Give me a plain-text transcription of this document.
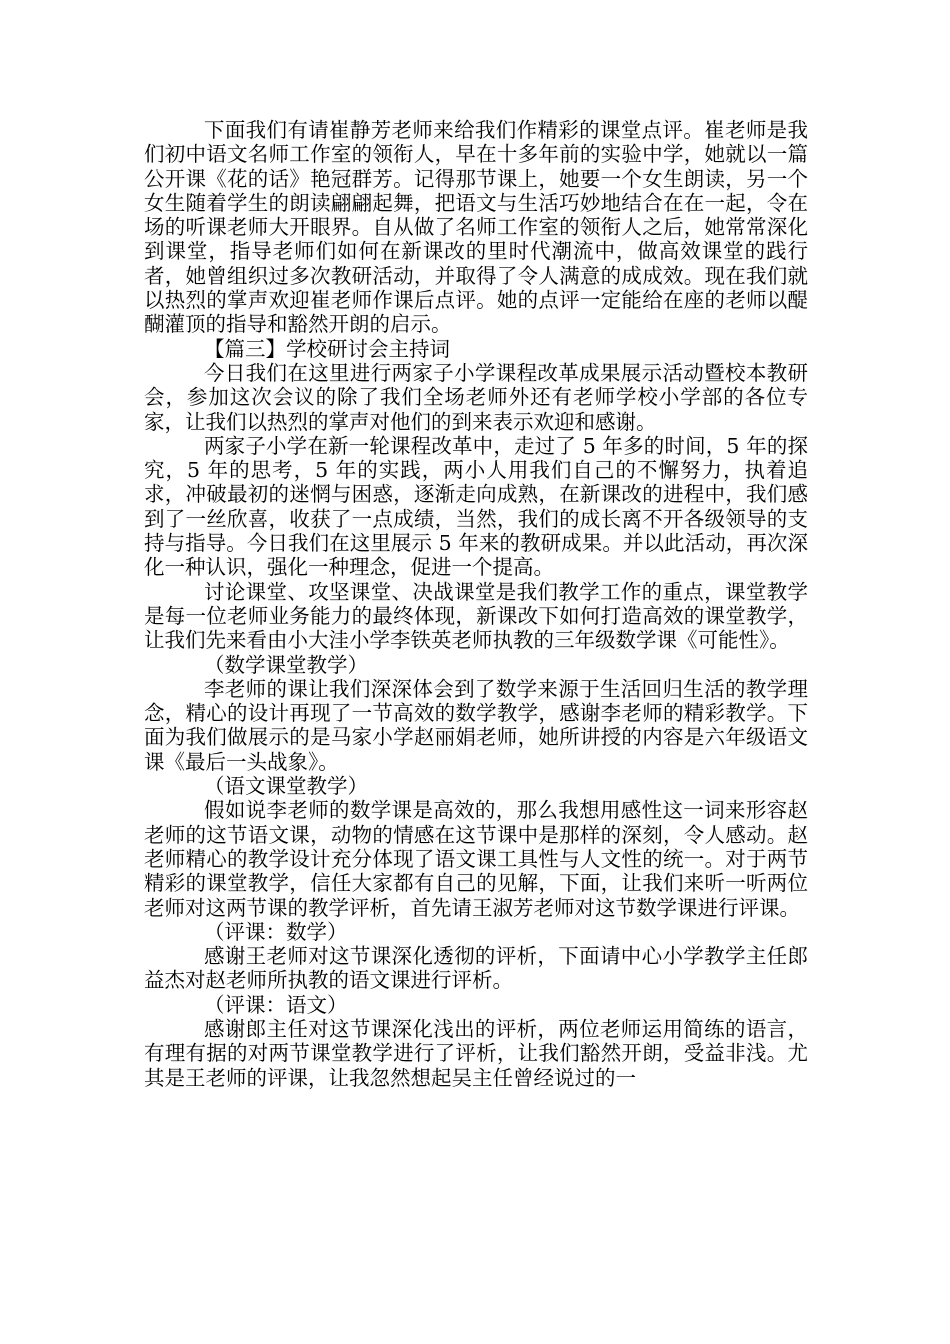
下面我们有请崔静芳老师来给我们作精彩的课堂点评。崔老师是我们初中语文名师工作室的领衔人，早在十多年前的实验中学，她就以一篇公开课《花的话》艳冠群芳。记得那节课上，她要一个女生朗读，另一个女生随着学生的朗读翩翩起舞，把语文与生活巧妙地结合在在一起，令在场的听课老师大开眼界。自从做了名师工作室的领衔人之后，她常常深化到课堂，指导老师们如何在新课改的里时代潮流中，做高效课堂的践行者，她曾组织过多次教研活动，并取得了令人满意的成成效。现在我们就以热烈的掌声欢迎崔老师作课后点评。她的点评一定能给在座的老师以醍醐灌顶的指导和豁然开朗的启示。

【篇三】学校研讨会主持词

今日我们在这里进行两家子小学课程改革成果展示活动暨校本教研会，参加这次会议的除了我们全场老师外还有老师学校小学部的各位专家，让我们以热烈的掌声对他们的到来表示欢迎和感谢。

两家子小学在新一轮课程改革中，走过了 5 年多的时间，5 年的探究，5 年的思考，5 年的实践，两小人用我们自己的不懈努力，执着追求，冲破最初的迷惘与困惑，逐渐走向成熟，在新课改的进程中，我们感到了一丝欣喜，收获了一点成绩，当然，我们的成长离不开各级领导的支持与指导。今日我们在这里展示 5 年来的教研成果。并以此活动，再次深化一种认识，强化一种理念，促进一个提高。

讨论课堂、攻坚课堂、决战课堂是我们教学工作的重点，课堂教学是每一位老师业务能力的最终体现，新课改下如何打造高效的课堂教学，让我们先来看由小大洼小学李铁英老师执教的三年级数学课《可能性》。

（数学课堂教学）

李老师的课让我们深深体会到了数学来源于生活回归生活的教学理念，精心的设计再现了一节高效的数学教学，感谢李老师的精彩教学。下面为我们做展示的是马家小学赵丽娟老师，她所讲授的内容是六年级语文课《最后一头战象》。

（语文课堂教学）

假如说李老师的数学课是高效的，那么我想用感性这一词来形容赵老师的这节语文课，动物的情感在这节课中是那样的深刻，令人感动。赵老师精心的教学设计充分体现了语文课工具性与人文性的统一。对于两节精彩的课堂教学，信任大家都有自己的见解，下面，让我们来听一听两位老师对这两节课的教学评析，首先请王淑芳老师对这节数学课进行评课。

（评课：数学）

感谢王老师对这节课深化透彻的评析，下面请中心小学教学主任郎益杰对赵老师所执教的语文课进行评析。

（评课：语文）

感谢郎主任对这节课深化浅出的评析，两位老师运用简练的语言，有理有据的对两节课堂教学进行了评析，让我们豁然开朗，受益非浅。尤其是王老师的评课，让我忽然想起吴主任曾经说过的一
